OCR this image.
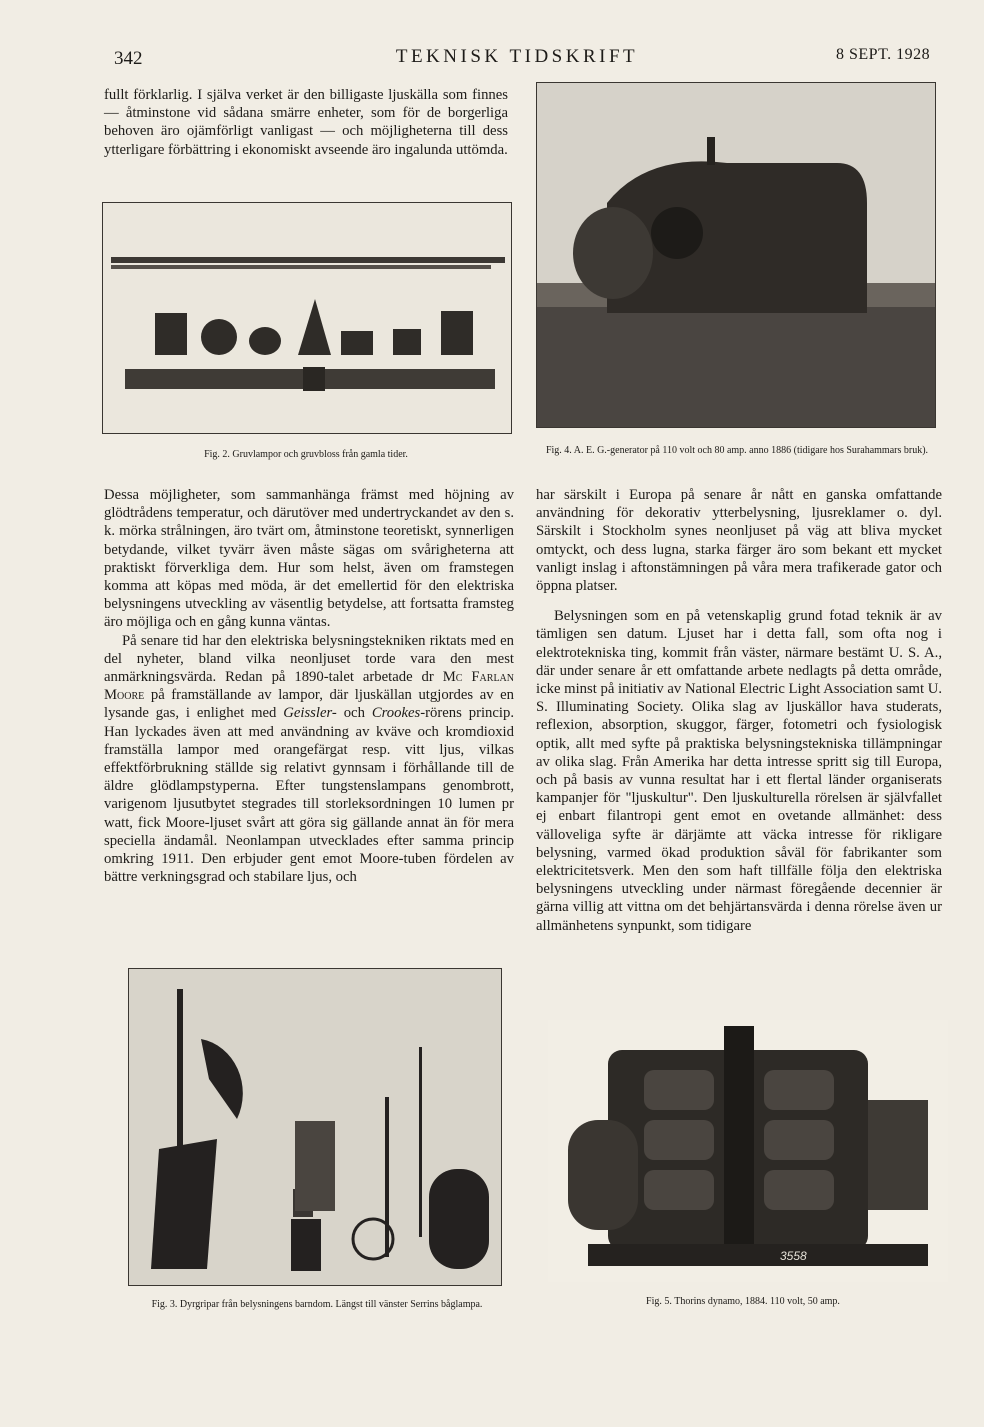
342	TEKNISK TIDSKRIFT	8 SEPT. 1928

fullt förklarlig. I själva verket är den billigaste ljuskälla som finnes — åtminstone vid sådana smärre enheter, som för de borgerliga behoven äro ojämförligt vanligast — och möjligheterna till dess ytterligare förbättring i ekonomiskt avseende äro ingalunda uttömda.

Fig. 2. Gruvlampor och gruvbloss från gamla tider.

Dessa möjligheter, som sammanhänga främst med höjning av glödtrådens temperatur, och därutöver med undertryckandet av den s. k. mörka strålningen, äro tvärt om, åtminstone teoretiskt, synnerligen betydande, vilket tyvärr även måste sägas om svårigheterna att praktiskt förverkliga dem. Hur som helst, även om framstegen komma att köpas med möda, är det emellertid för den elektriska belysningens utveckling av väsentlig betydelse, att fortsatta framsteg äro möjliga och en gång kunna väntas.

På senare tid har den elektriska belysningstekniken riktats med en del nyheter, bland vilka neonljuset torde vara den mest anmärkningsvärda. Redan på 1890-talet arbetade dr Mc Farlan Moore på framställande av lampor, där ljuskällan utgjordes av en lysande gas, i enlighet med Geissler- och Crookes-rörens princip. Han lyckades även att med användning av kväve och kromdioxid framställa lampor med orangefärgat resp. vitt ljus, vilkas effektförbrukning ställde sig relativt gynnsam i förhållande till de äldre glödlampstyperna. Efter tungstenslampans genombrott, varigenom ljusutbytet stegrades till storleksordningen 10 lumen pr watt, fick Moore-ljuset svårt att göra sig gällande annat än för mera speciella ändamål. Neonlampan utvecklades efter samma princip omkring 1911. Den erbjuder gent emot Moore-tuben fördelen av bättre verkningsgrad och stabilare ljus, och

Fig. 3. Dyrgripar från belysningens barndom. Längst till vänster Serrins båglampa.
Fig. 4. A. E. G.-generator på 110 volt och 80 amp. anno 1886 (tidigare hos Surahammars bruk).

har särskilt i Europa på senare år nått en ganska omfattande användning för dekorativ ytterbelysning, ljusreklamer o. dyl. Särskilt i Stockholm synes neonljuset på väg att bliva mycket omtyckt, och dess lugna, starka färger äro som bekant ett mycket vanligt inslag i aftonstämningen på våra mera trafikerade gator och öppna platser.

Belysningen som en på vetenskaplig grund fotad teknik är av tämligen sen datum. Ljuset har i detta fall, som ofta nog i elektrotekniska ting, kommit från väster, närmare bestämt U. S. A., där under senare år ett omfattande arbete nedlagts på detta område, icke minst på initiativ av National Electric Light Association samt U. S. Illuminating Society. Olika slag av ljuskällor hava studerats, reflexion, absorption, skuggor, färger, fotometri och fysiologisk optik, allt med syfte på praktiska belysningstekniska tillämpningar av olika slag. Från Amerika har detta intresse spritt sig till Europa, och på basis av vunna resultat har i ett flertal länder organiserats kampanjer för "ljuskultur". Den ljuskulturella rörelsen är självfallet ej enbart filantropi gent emot en ovetande allmänhet: dess välloveliga syfte är därjämte att väcka intresse för rikligare belysning, varmed ökad produktion såväl för fabrikanter som elektricitetsverk. Men den som haft tillfälle följa den elektriska belysningens utveckling under närmast föregående decennier är gärna villig att vittna om det behjärtansvärda i denna rörelse även ur allmänhetens synpunkt, som tidigare

3558
Fig. 5. Thorins dynamo, 1884. 110 volt, 50 amp.
